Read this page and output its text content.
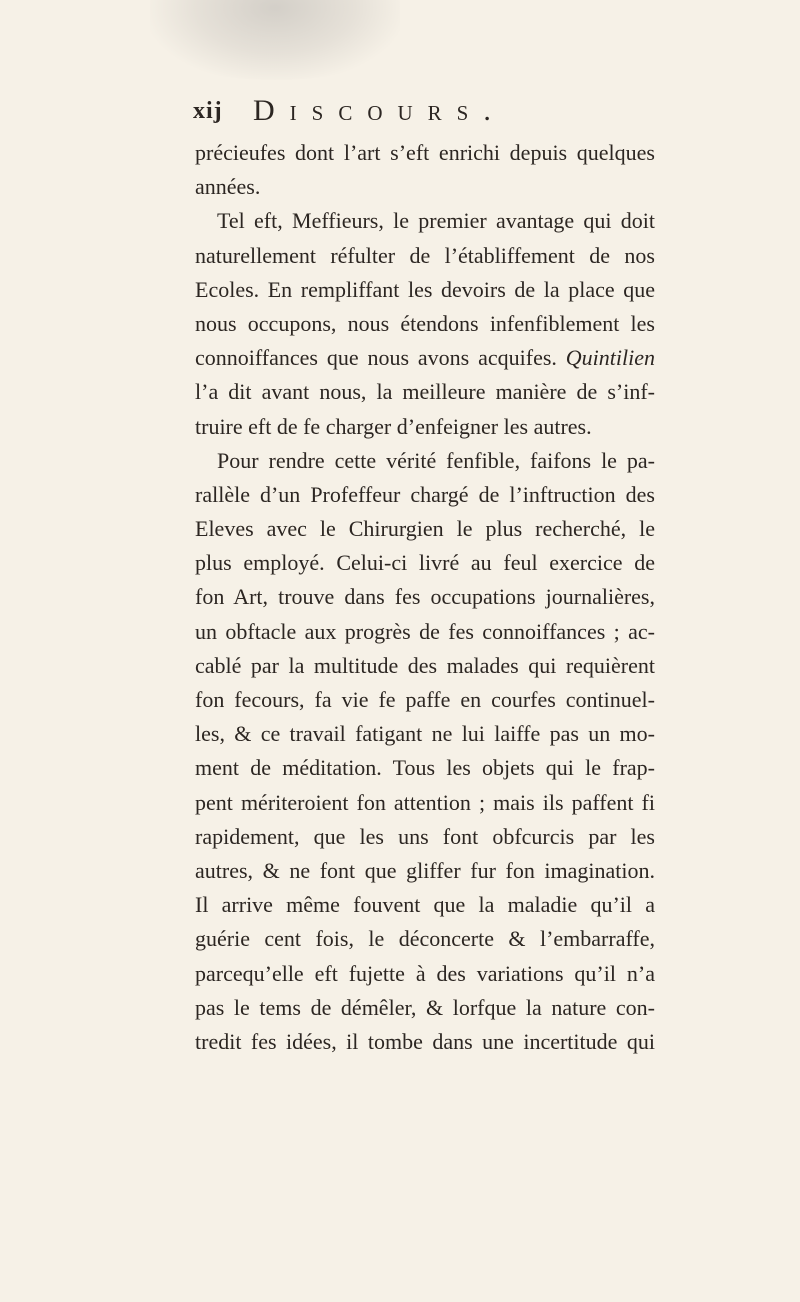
xij Discours.
précieufes dont l’art s’eft enrichi depuis quelques
années.
Tel eft, Meffieurs, le premier avantage qui doit
naturellement réfulter de l’établiffement de nos
Ecoles. En rempliffant les devoirs de la place que
nous occupons, nous étendons infenfiblement les
connoiffances que nous avons acquifes. Quintilien
l’a dit avant nous, la meilleure manière de s’inf-
truire eft de fe charger d’enfeigner les autres.
Pour rendre cette vérité fenfible, faifons le pa-
rallèle d’un Profeffeur chargé de l’inftruction des
Eleves avec le Chirurgien le plus recherché, le
plus employé. Celui-ci livré au feul exercice de
fon Art, trouve dans fes occupations journalières,
un obftacle aux progrès de fes connoiffances ; ac-
cablé par la multitude des malades qui requièrent
fon fecours, fa vie fe paffe en courfes continuel-
les, & ce travail fatigant ne lui laiffe pas un mo-
ment de méditation. Tous les objets qui le frap-
pent mériteroient fon attention ; mais ils paffent fi
rapidement, que les uns font obfcurcis par les
autres, & ne font que gliffer fur fon imagination.
Il arrive même fouvent que la maladie qu’il a
guérie cent fois, le déconcerte & l’embarraffe,
parcequ’elle eft fujette à des variations qu’il n’a
pas le tems de démêler, & lorfque la nature con-
tredit fes idées, il tombe dans une incertitude qui
